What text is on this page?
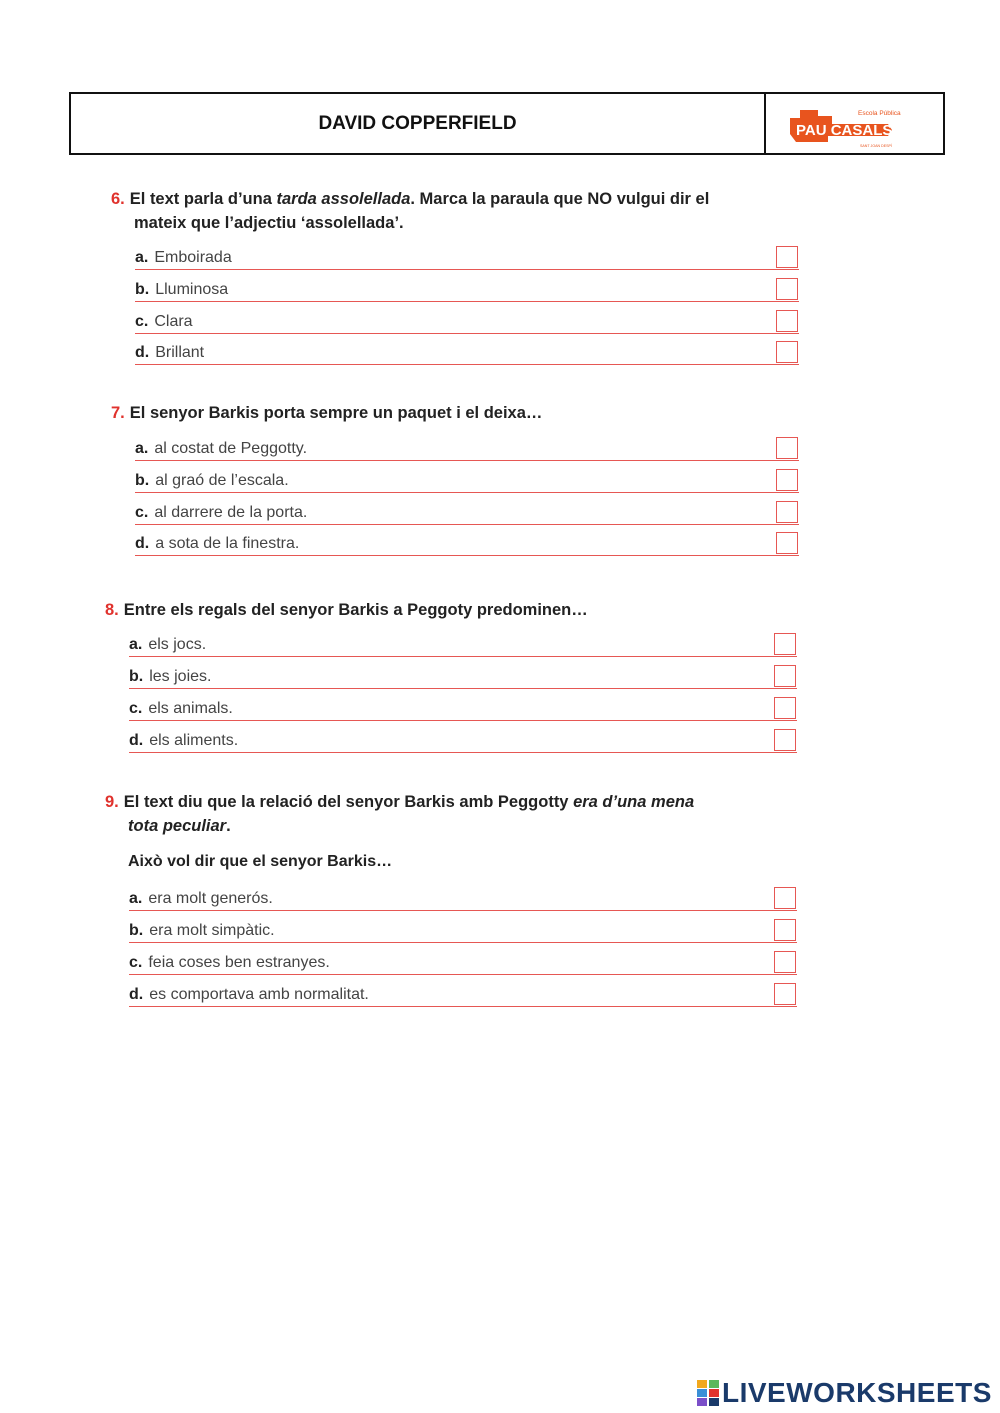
DAVID COPPERFIELD	PAU CASALS
Escola Pública
SANT JOAN DESPÍ
6. El text parla d’una tarda assolellada. Marca la paraula que NO vulgui dir el
mateix que l’adjectiu ‘assolellada’.
a. Emboirada
b. Lluminosa
c. Clara
d. Brillant
7. El senyor Barkis porta sempre un paquet i el deixa…
a. al costat de Peggotty.
b. al graó de l’escala.
c. al darrere de la porta.
d. a sota de la finestra.
8. Entre els regals del senyor Barkis a Peggoty predominen…
a. els jocs.
b. les joies.
c. els animals.
d. els aliments.
9. El text diu que la relació del senyor Barkis amb Peggotty era d’una mena
tota peculiar.
Això vol dir que el senyor Barkis…
a. era molt generós.
b. era molt simpàtic.
c. feia coses ben estranyes.
d. es comportava amb normalitat.
LIVEWORKSHEETS
